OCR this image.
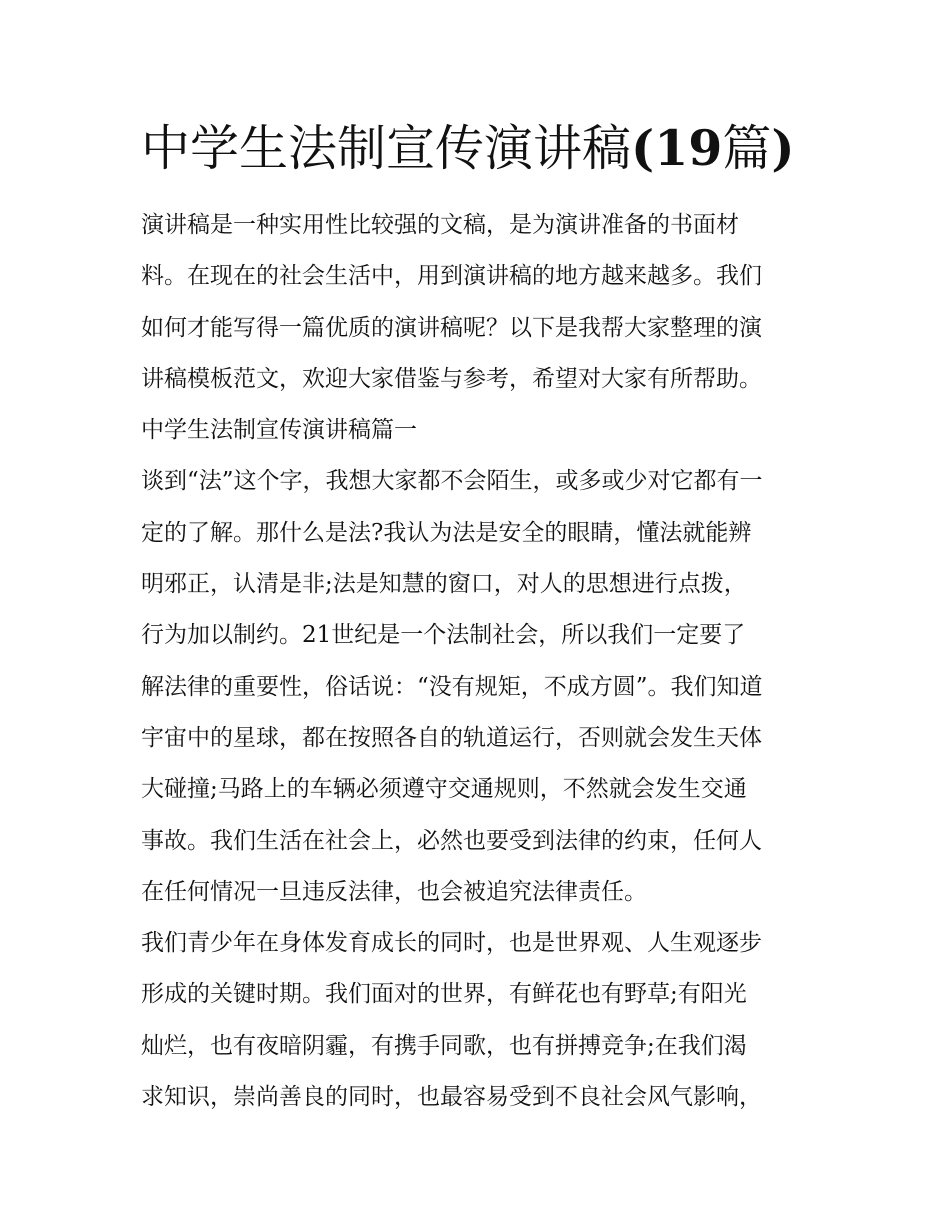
中学生法制宣传演讲稿(19篇)
演讲稿是一种实用性比较强的文稿，是为演讲准备的书面材
料。在现在的社会生活中，用到演讲稿的地方越来越多。我们
如何才能写得一篇优质的演讲稿呢？以下是我帮大家整理的演
讲稿模板范文，欢迎大家借鉴与参考，希望对大家有所帮助。
中学生法制宣传演讲稿篇一
谈到“法”这个字，我想大家都不会陌生，或多或少对它都有一
定的了解。那什么是法?我认为法是安全的眼睛，懂法就能辨
明邪正，认清是非;法是知慧的窗口，对人的思想进行点拨，
行为加以制约。21世纪是一个法制社会，所以我们一定要了
解法律的重要性，俗话说：“没有规矩，不成方圆”。我们知道
宇宙中的星球，都在按照各自的轨道运行，否则就会发生天体
大碰撞;马路上的车辆必须遵守交通规则，不然就会发生交通
事故。我们生活在社会上，必然也要受到法律的约束，任何人
在任何情况一旦违反法律，也会被追究法律责任。
我们青少年在身体发育成长的同时，也是世界观、人生观逐步
形成的关键时期。我们面对的世界，有鲜花也有野草;有阳光
灿烂，也有夜暗阴霾，有携手同歌，也有拼搏竞争;在我们渴
求知识，崇尚善良的同时，也最容易受到不良社会风气影响，
